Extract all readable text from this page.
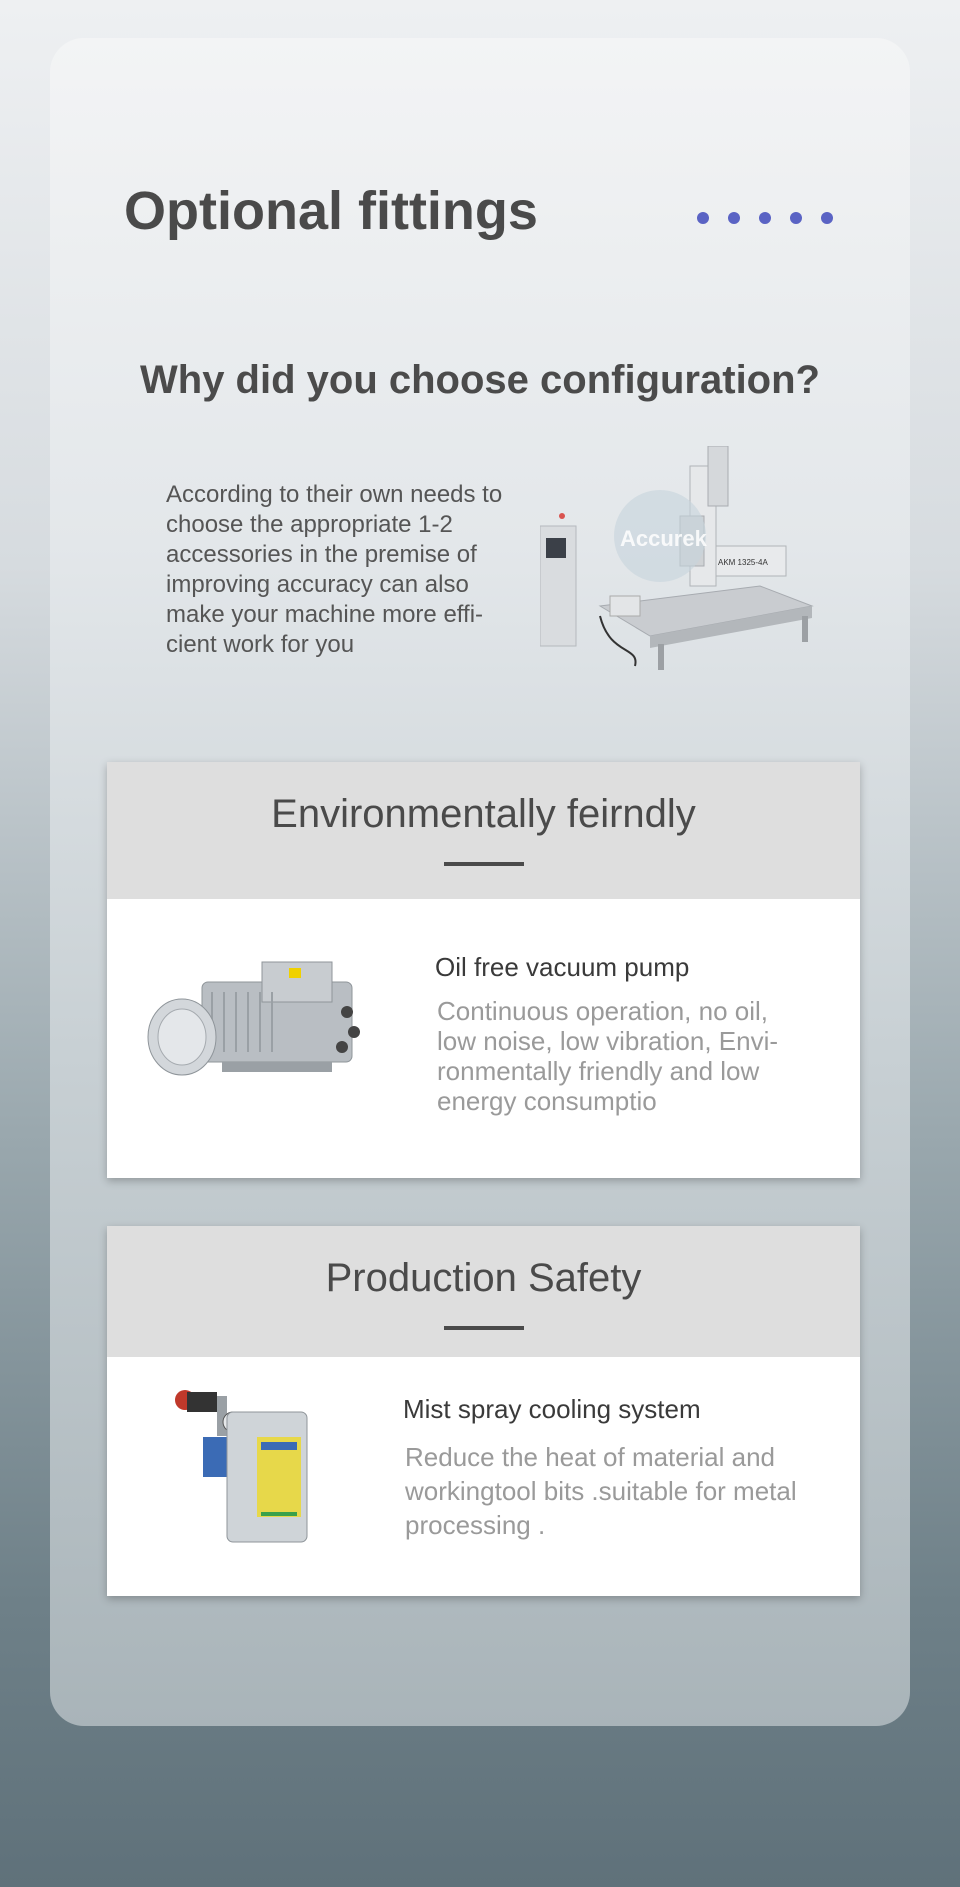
Optional fittings
Why did you choose configuration?
According to their own needs to choose the appropriate 1-2 accessories in the premise of improving accuracy can also make your machine more effi-cient work for you
Accurek
AKM 1325-4A
Environmentally feirndly
Oil free vacuum pump
Continuous operation, no oil, low noise, low vibration, Envi-ronmentally friendly and low energy consumptio
Production Safety
Mist spray cooling system
Reduce the heat of material and workingtool bits .suitable for metal processing .
